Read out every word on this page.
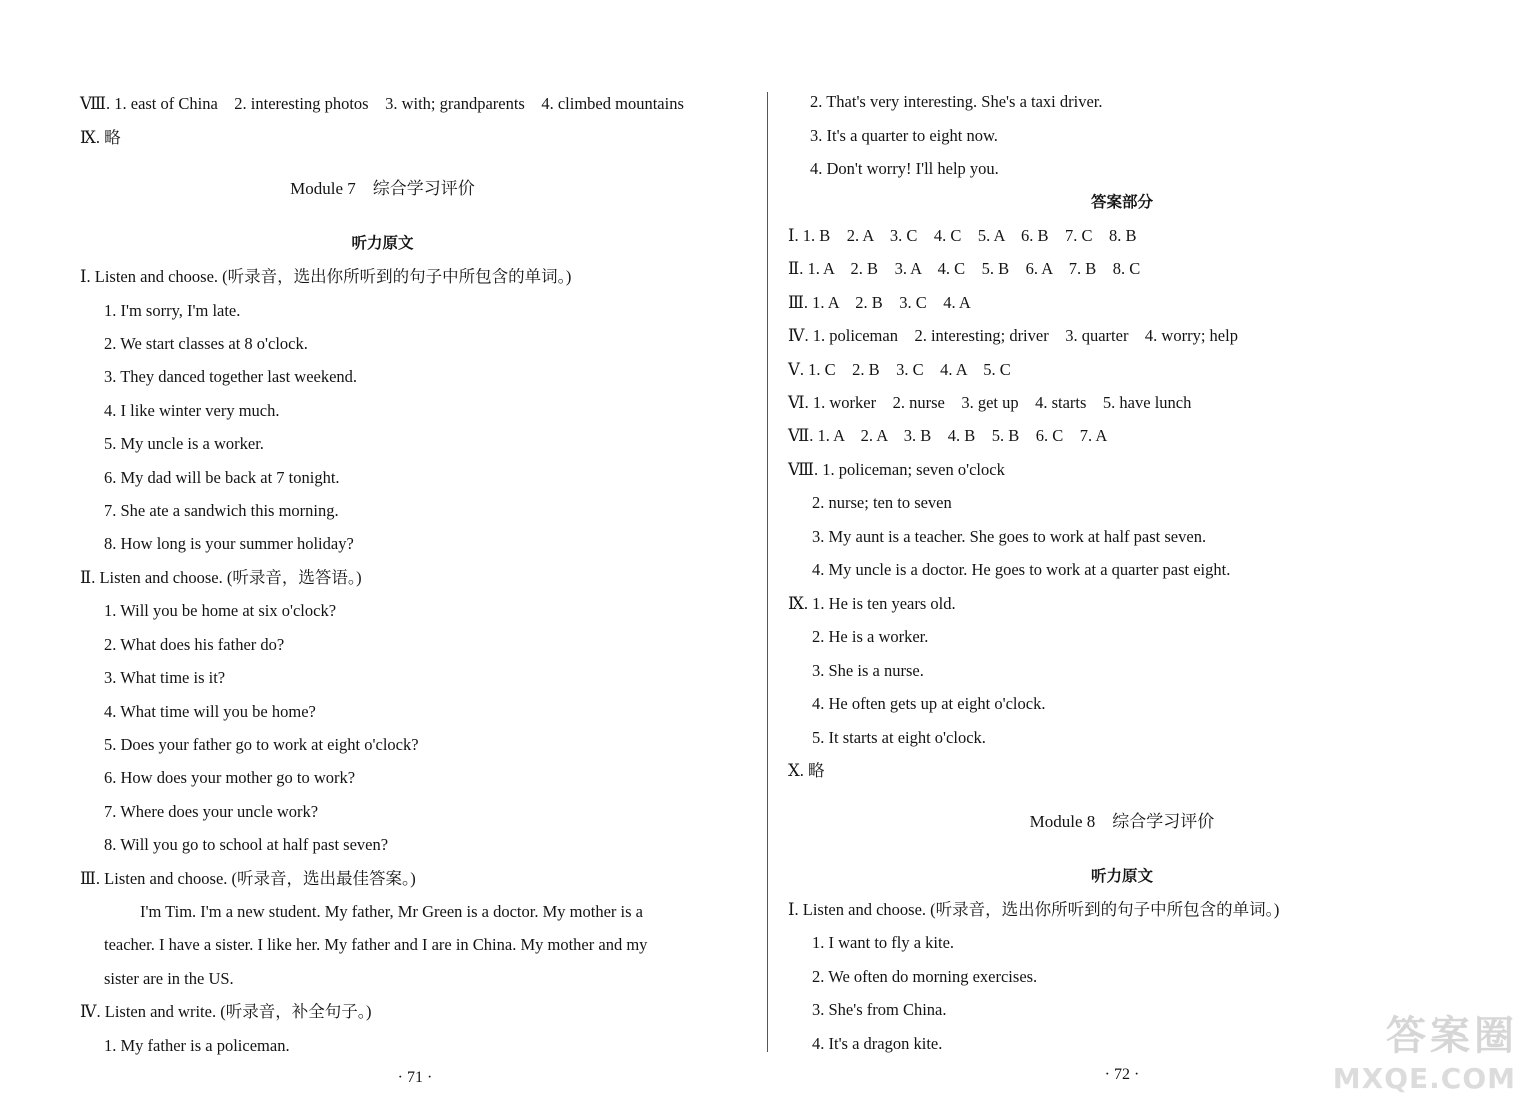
Ⅷ. 1. east of China　2. interesting photos　3. with; grandparents　4. climbed mountains
Ⅸ. 略
Module 7　综合学习评价
听力原文
Ⅰ. Listen and choose. (听录音，选出你所听到的句子中所包含的单词。)
1. I'm sorry, I'm late.
2. We start classes at 8 o'clock.
3. They danced together last weekend.
4. I like winter very much.
5. My uncle is a worker.
6. My dad will be back at 7 tonight.
7. She ate a sandwich this morning.
8. How long is your summer holiday?
Ⅱ. Listen and choose. (听录音，选答语。)
1. Will you be home at six o'clock?
2. What does his father do?
3. What time is it?
4. What time will you be home?
5. Does your father go to work at eight o'clock?
6. How does your mother go to work?
7. Where does your uncle work?
8. Will you go to school at half past seven?
Ⅲ. Listen and choose. (听录音，选出最佳答案。)
I'm Tim. I'm a new student. My father, Mr Green is a doctor. My mother is a
teacher. I have a sister. I like her. My father and I are in China. My mother and my
sister are in the US.
Ⅳ. Listen and write. (听录音，补全句子。)
1. My father is a policeman.
· 71 ·
2. That's very interesting. She's a taxi driver.
3. It's a quarter to eight now.
4. Don't worry! I'll help you.
答案部分
Ⅰ. 1. B　2. A　3. C　4. C　5. A　6. B　7. C　8. B
Ⅱ. 1. A　2. B　3. A　4. C　5. B　6. A　7. B　8. C
Ⅲ. 1. A　2. B　3. C　4. A
Ⅳ. 1. policeman　2. interesting; driver　3. quarter　4. worry; help
Ⅴ. 1. C　2. B　3. C　4. A　5. C
Ⅵ. 1. worker　2. nurse　3. get up　4. starts　5. have lunch
Ⅶ. 1. A　2. A　3. B　4. B　5. B　6. C　7. A
Ⅷ. 1. policeman; seven o'clock
2. nurse; ten to seven
3. My aunt is a teacher. She goes to work at half past seven.
4. My uncle is a doctor. He goes to work at a quarter past eight.
Ⅸ. 1. He is ten years old.
2. He is a worker.
3. She is a nurse.
4. He often gets up at eight o'clock.
5. It starts at eight o'clock.
Ⅹ. 略
Module 8　综合学习评价
听力原文
Ⅰ. Listen and choose. (听录音，选出你所听到的句子中所包含的单词。)
1. I want to fly a kite.
2. We often do morning exercises.
3. She's from China.
4. It's a dragon kite.
· 72 ·
答案圈
MXQE.COM
